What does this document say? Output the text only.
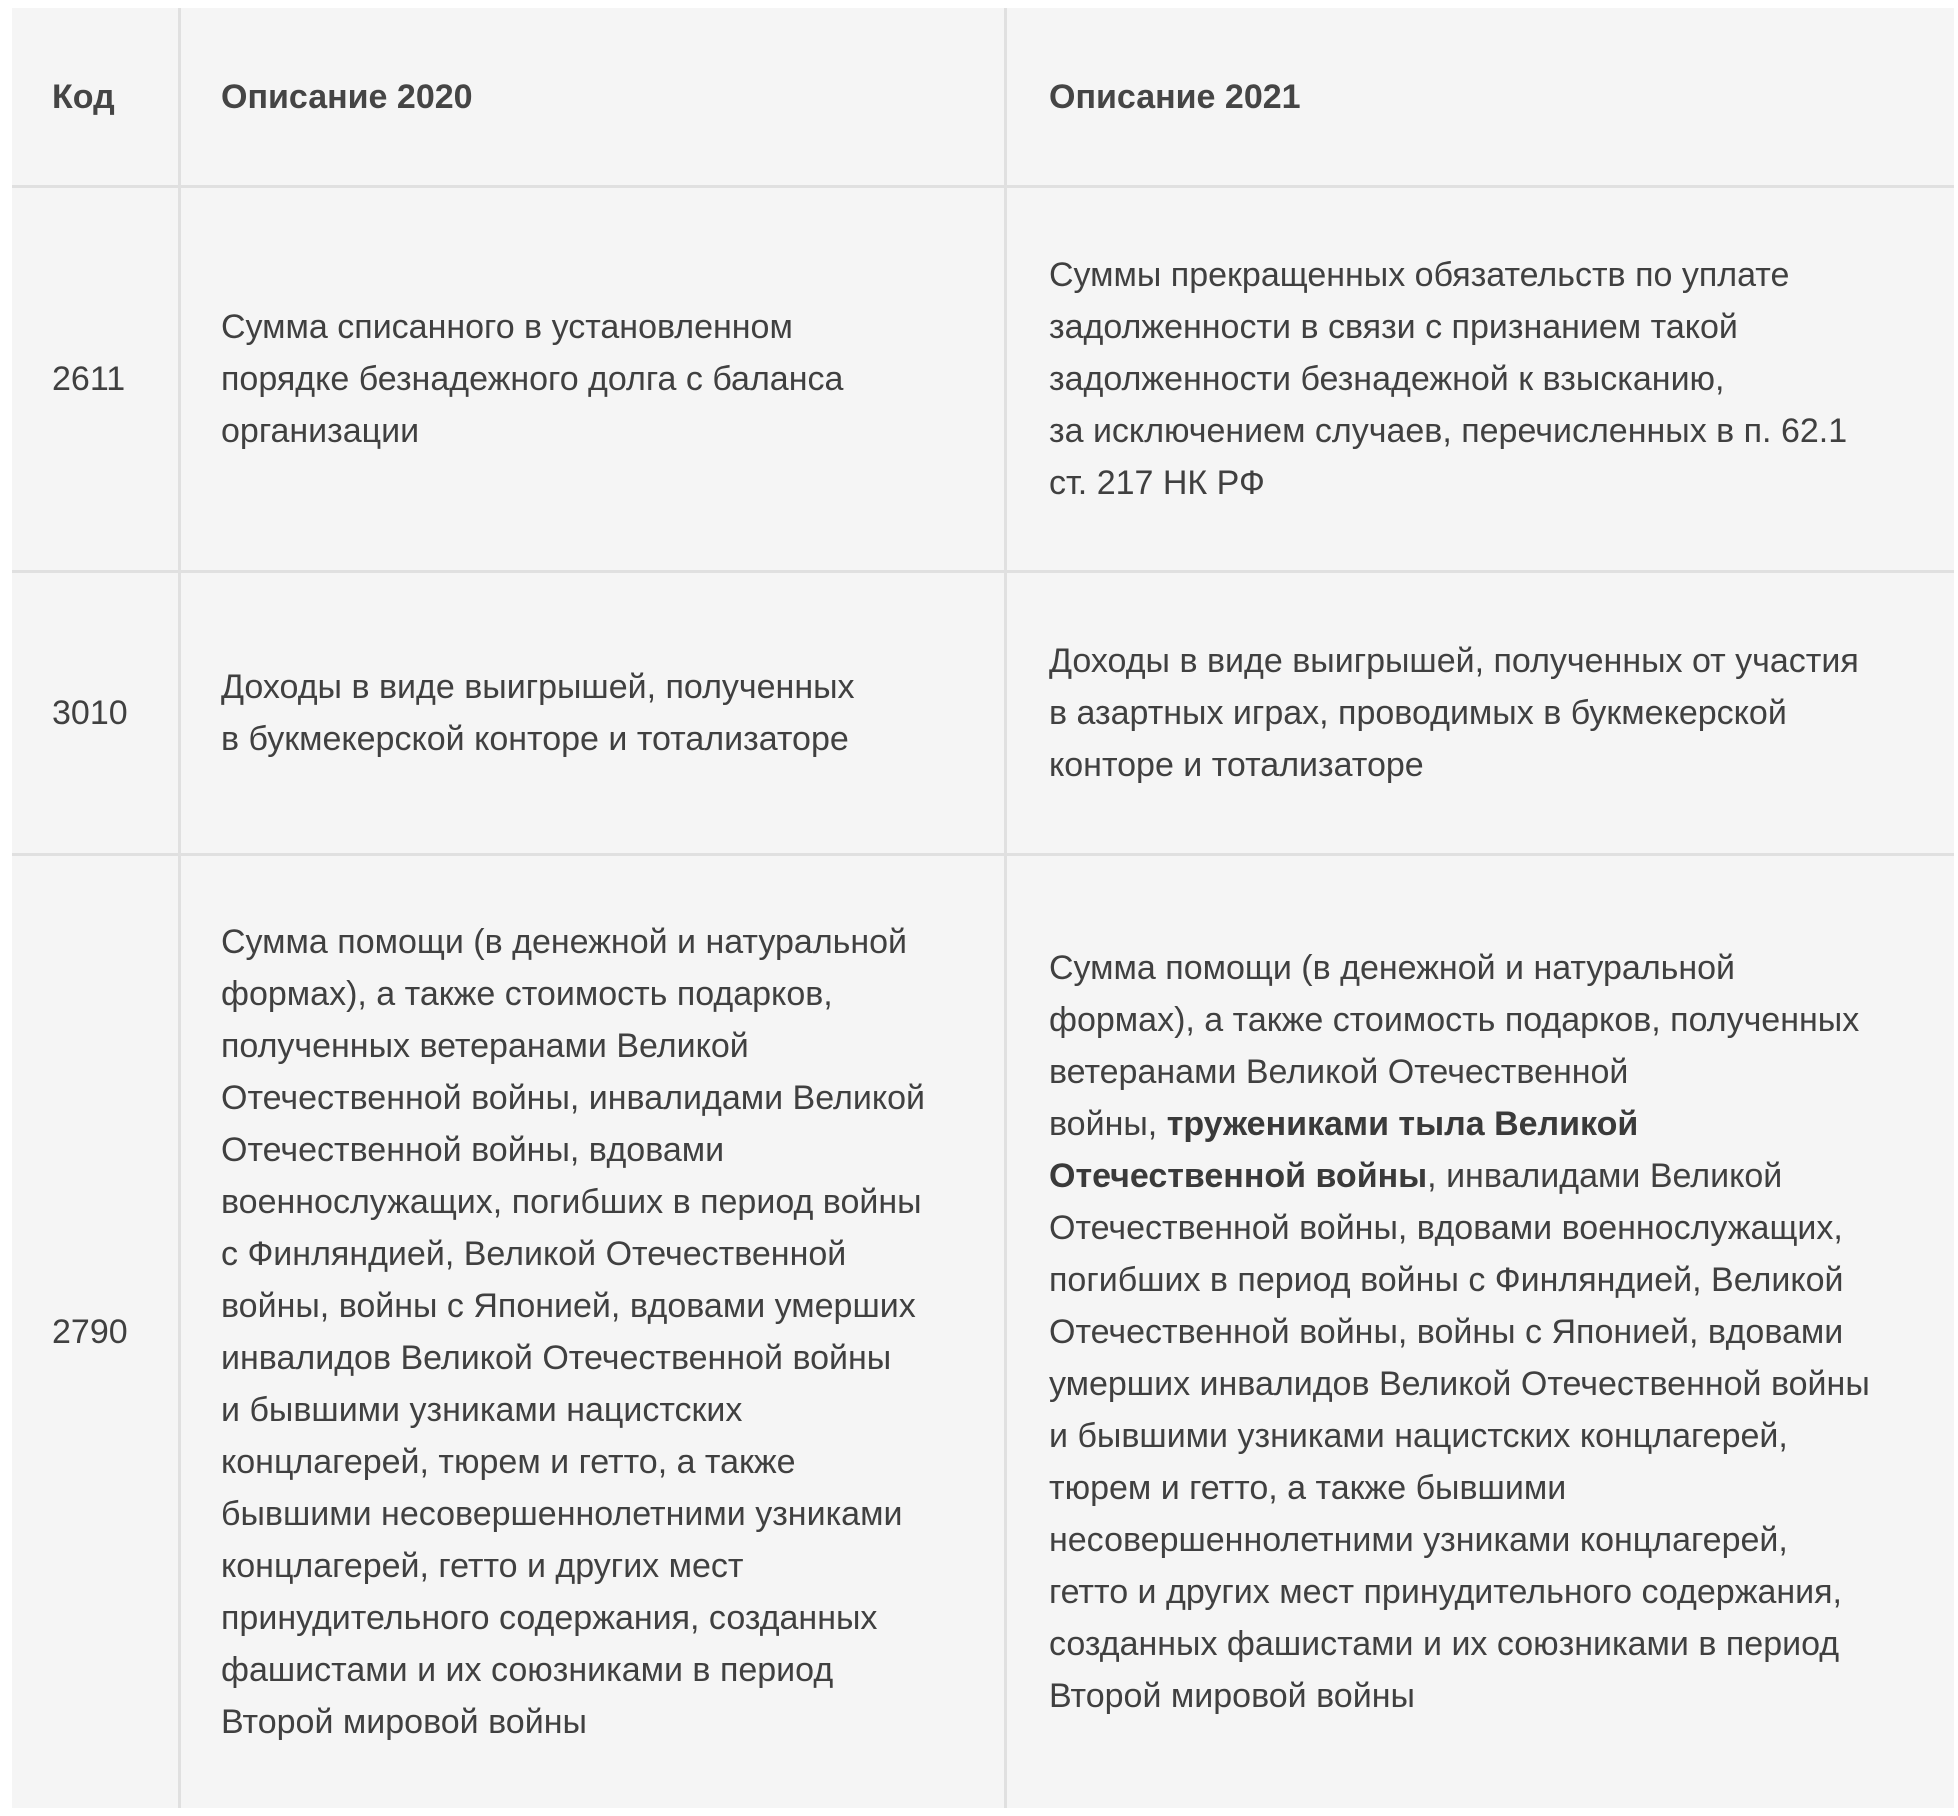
Код	Описание 2020	Описание 2021
2611
Сумма списанного в установленном
порядке безнадежного долга с баланса
организации
Суммы прекращенных обязательств по уплате
задолженности в связи с признанием такой
задолженности безнадежной к взысканию,
за исключением случаев, перечисленных в п. 62.1
ст. 217 НК РФ
3010
Доходы в виде выигрышей, полученных
в букмекерской конторе и тотализаторе
Доходы в виде выигрышей, полученных от участия
в азартных играх, проводимых в букмекерской
конторе и тотализаторе
2790
Сумма помощи (в денежной и натуральной
формах), а также стоимость подарков,
полученных ветеранами Великой
Отечественной войны, инвалидами Великой
Отечественной войны, вдовами
военнослужащих, погибших в период войны
с Финляндией, Великой Отечественной
войны, войны с Японией, вдовами умерших
инвалидов Великой Отечественной войны
и бывшими узниками нацистских
концлагерей, тюрем и гетто, а также
бывшими несовершеннолетними узниками
концлагерей, гетто и других мест
принудительного содержания, созданных
фашистами и их союзниками в период
Второй мировой войны
Сумма помощи (в денежной и натуральной
формах), а также стоимость подарков, полученных
ветеранами Великой Отечественной
войны, тружениками тыла Великой
Отечественной войны, инвалидами Великой
Отечественной войны, вдовами военнослужащих,
погибших в период войны с Финляндией, Великой
Отечественной войны, войны с Японией, вдовами
умерших инвалидов Великой Отечественной войны
и бывшими узниками нацистских концлагерей,
тюрем и гетто, а также бывшими
несовершеннолетними узниками концлагерей,
гетто и других мест принудительного содержания,
созданных фашистами и их союзниками в период
Второй мировой войны
